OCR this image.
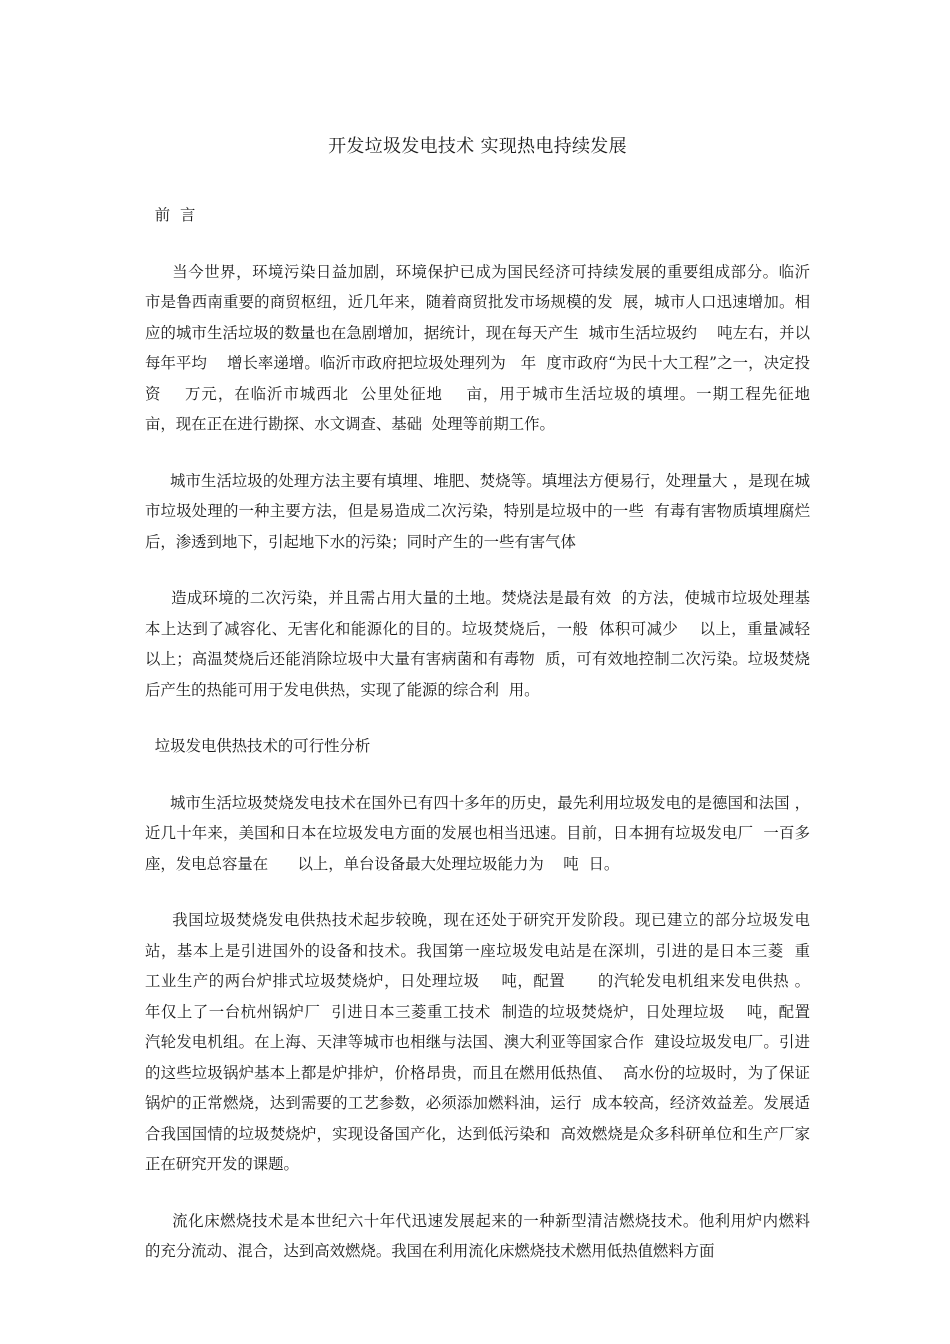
开发垃圾发电技术 实现热电持续发展
前  言
当今世界，环境污染日益加剧，环境保护已成为国民经济可持续发展的重要组成部分。临沂  市是鲁西南重要的商贸枢纽，近几年来，随着商贸批发市场规模的发  展，城市人口迅速增加。相应的城市生活垃圾的数量也在急剧增加，据统计，现在每天产生  城市生活垃圾约    吨左右，并以每年平均    增长率递增。临沂市政府把垃圾处理列为   年  度市政府“为民十大工程”之一，决定投资    万元，在临沂市城西北  公里处征地    亩，用于城市生活垃圾的填埋。一期工程先征地    亩，现在正在进行勘探、水文调查、基础  处理等前期工作。
城市生活垃圾的处理方法主要有填埋、堆肥、焚烧等。填埋法方便易行，处理量大 ，是现在城市垃圾处理的一种主要方法，但是易造成二次污染，特别是垃圾中的一些  有毒有害物质填埋腐烂后，渗透到地下，引起地下水的污染；同时产生的一些有害气体
造成环境的二次污染，并且需占用大量的土地。焚烧法是最有效  的方法，使城市垃圾处理基本上达到了减容化、无害化和能源化的目的。垃圾焚烧后，一般  体积可减少    以上，重量减轻    以上；高温焚烧后还能消除垃圾中大量有害病菌和有毒物  质，可有效地控制二次污染。垃圾焚烧后产生的热能可用于发电供热，实现了能源的综合利  用。
垃圾发电供热技术的可行性分析
城市生活垃圾焚烧发电技术在国外已有四十多年的历史，最先利用垃圾发电的是德国和法国 ，近几十年来，美国和日本在垃圾发电方面的发展也相当迅速。目前，日本拥有垃圾发电厂  一百多座，发电总容量在      以上，单台设备最大处理垃圾能力为    吨  日。
我国垃圾焚烧发电供热技术起步较晚，现在还处于研究开发阶段。现已建立的部分垃圾发电  站，基本上是引进国外的设备和技术。我国第一座垃圾发电站是在深圳，引进的是日本三菱  重  工业生产的两台炉排式垃圾焚烧炉，日处理垃圾    吨，配置      的汽轮发电机组来发电供热 。    年仅上了一台杭州锅炉厂  引进日本三菱重工技术  制造的垃圾焚烧炉，日处理垃圾    吨，配置      汽轮发电机组。在上海、天津等城市也相继与法国、澳大利亚等国家合作  建设垃圾发电厂。引进的这些垃圾锅炉基本上都是炉排炉，价格昂贵，而且在燃用低热值、  高水份的垃圾时，为了保证锅炉的正常燃烧，达到需要的工艺参数，必须添加燃料油，运行  成本较高，经济效益差。发展适合我国国情的垃圾焚烧炉，实现设备国产化，达到低污染和  高效燃烧是众多科研单位和生产厂家正在研究开发的课题。
流化床燃烧技术是本世纪六十年代迅速发展起来的一种新型清洁燃烧技术。他利用炉内燃料  的充分流动、混合，达到高效燃烧。我国在利用流化床燃烧技术燃用低热值燃料方面
